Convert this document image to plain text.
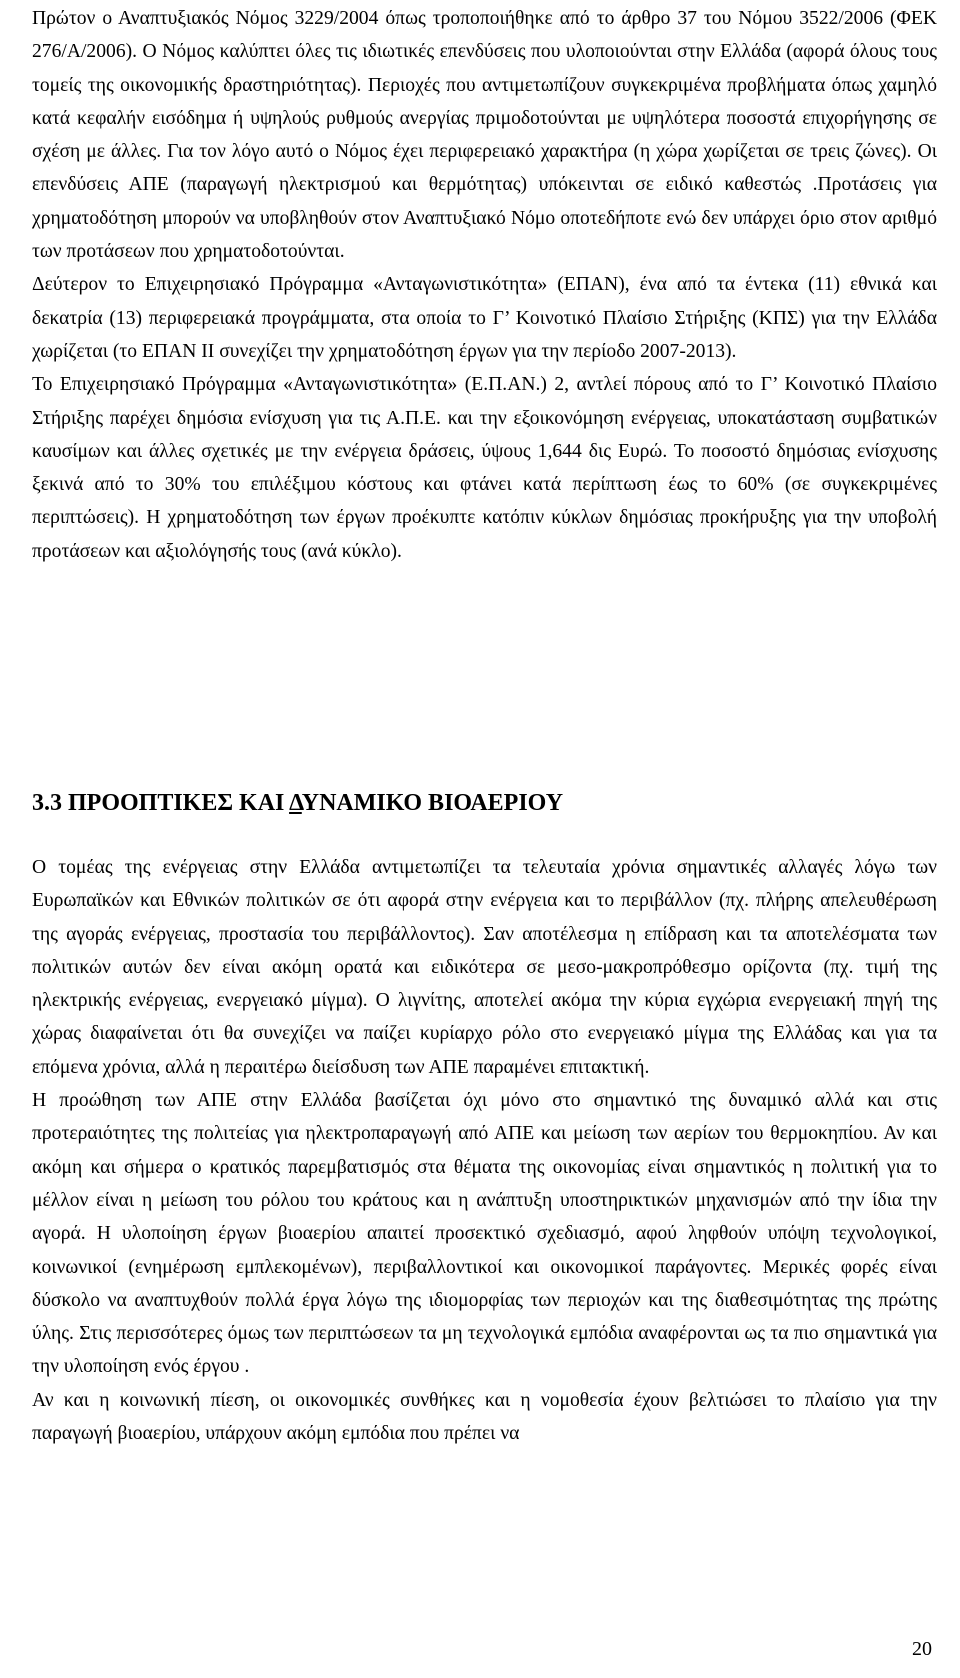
Πρώτον ο Αναπτυξιακός Νόμος 3229/2004 όπως τροποποιήθηκε από το άρθρο 37 του Νόμου 3522/2006 (ΦΕΚ 276/Α/2006). Ο Νόμος καλύπτει όλες τις ιδιωτικές επενδύσεις που υλοποιούνται στην Ελλάδα (αφορά όλους τους τομείς της οικονομικής δραστηριότητας). Περιοχές που αντιμετωπίζουν συγκεκριμένα προβλήματα όπως χαμηλό κατά κεφαλήν εισόδημα ή υψηλούς ρυθμούς ανεργίας πριμοδοτούνται με υψηλότερα ποσοστά επιχορήγησης σε σχέση με άλλες. Για τον λόγο αυτό ο Νόμος έχει περιφερειακό χαρακτήρα (η χώρα χωρίζεται σε τρεις ζώνες). Οι επενδύσεις ΑΠΕ (παραγωγή ηλεκτρισμού και θερμότητας) υπόκεινται σε ειδικό καθεστώς .Προτάσεις για χρηματοδότηση μπορούν να υποβληθούν στον Αναπτυξιακό Νόμο οποτεδήποτε ενώ δεν υπάρχει όριο στον αριθμό των προτάσεων που χρηματοδοτούνται.

Δεύτερον το Επιχειρησιακό Πρόγραμμα «Ανταγωνιστικότητα» (ΕΠΑΝ), ένα από τα έντεκα (11) εθνικά και δεκατρία (13) περιφερειακά προγράμματα, στα οποία το Γ’ Κοινοτικό Πλαίσιο Στήριξης (ΚΠΣ) για την Ελλάδα χωρίζεται (το ΕΠΑΝ ΙΙ συνεχίζει την χρηματοδότηση έργων για την περίοδο 2007-2013).

Το Επιχειρησιακό Πρόγραμμα «Ανταγωνιστικότητα» (Ε.Π.ΑΝ.) 2, αντλεί πόρους από το Γ’ Κοινοτικό Πλαίσιο Στήριξης παρέχει δημόσια ενίσχυση για τις Α.Π.Ε. και την εξοικονόμηση ενέργειας, υποκατάσταση συμβατικών καυσίμων και άλλες σχετικές με την ενέργεια δράσεις, ύψους 1,644 δις Ευρώ. Το ποσοστό δημόσιας ενίσχυσης ξεκινά από το 30% του επιλέξιμου κόστους και φτάνει κατά περίπτωση έως το 60% (σε συγκεκριμένες περιπτώσεις). Η χρηματοδότηση των έργων προέκυπτε κατόπιν κύκλων δημόσιας προκήρυξης για την υποβολή προτάσεων και αξιολόγησής τους (ανά κύκλο).

3.3 ΠΡΟΟΠΤΙΚΕΣ ΚΑΙ ΔΥΝΑΜΙΚΟ ΒΙΟΑΕΡΙΟΥ

Ο τομέας της ενέργειας στην Ελλάδα αντιμετωπίζει τα τελευταία χρόνια σημαντικές αλλαγές λόγω των Ευρωπαϊκών και Εθνικών πολιτικών σε ότι αφορά στην ενέργεια και το περιβάλλον (πχ. πλήρης απελευθέρωση της αγοράς ενέργειας, προστασία του περιβάλλοντος). Σαν αποτέλεσμα η επίδραση και τα αποτελέσματα των πολιτικών αυτών δεν είναι ακόμη ορατά και ειδικότερα σε μεσο-μακροπρόθεσμο ορίζοντα (πχ. τιμή της ηλεκτρικής ενέργειας, ενεργειακό μίγμα). Ο λιγνίτης, αποτελεί ακόμα την κύρια εγχώρια ενεργειακή πηγή της χώρας διαφαίνεται ότι θα συνεχίζει να παίζει κυρίαρχο ρόλο στο ενεργειακό μίγμα της Ελλάδας και για τα επόμενα χρόνια, αλλά η περαιτέρω διείσδυση των ΑΠΕ παραμένει επιτακτική.

Η προώθηση των ΑΠΕ στην Ελλάδα βασίζεται όχι μόνο στο σημαντικό της δυναμικό αλλά και στις προτεραιότητες της πολιτείας για ηλεκτροπαραγωγή από ΑΠΕ και μείωση των αερίων του θερμοκηπίου. Αν και ακόμη και σήμερα ο κρατικός παρεμβατισμός στα θέματα της οικονομίας είναι σημαντικός η πολιτική για το μέλλον είναι η μείωση του ρόλου του κράτους και η ανάπτυξη υποστηρικτικών μηχανισμών από την ίδια την αγορά. Η υλοποίηση έργων βιοαερίου απαιτεί προσεκτικό σχεδιασμό, αφού ληφθούν υπόψη τεχνολογικοί, κοινωνικοί (ενημέρωση εμπλεκομένων), περιβαλλοντικοί και οικονομικοί παράγοντες. Μερικές φορές είναι δύσκολο να αναπτυχθούν πολλά έργα λόγω της ιδιομορφίας των περιοχών και της διαθεσιμότητας της πρώτης ύλης. Στις περισσότερες όμως των περιπτώσεων τα μη τεχνολογικά εμπόδια αναφέρονται ως τα πιο σημαντικά για την υλοποίηση ενός έργου .

Αν και η κοινωνική πίεση, οι οικονομικές συνθήκες και η νομοθεσία έχουν βελτιώσει το πλαίσιο για την παραγωγή βιοαερίου, υπάρχουν ακόμη εμπόδια που πρέπει να

20
